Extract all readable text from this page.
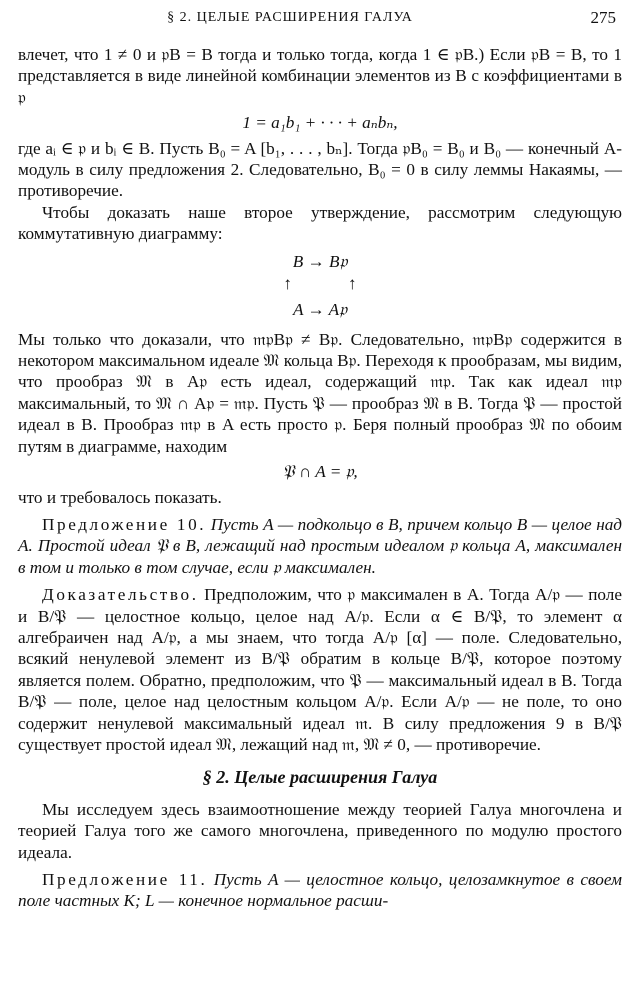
§ 2. ЦЕЛЫЕ РАСШИРЕНИЯ ГАЛУА	275

влечет, что 1 ≠ 0 и 𝔭B = B тогда и только тогда, когда 1 ∈ 𝔭B.) Если 𝔭B = B, то 1 представляется в виде линейной комбинации элементов из B с коэффициентами в 𝔭

1 = a₁b₁ + · · · + aₙbₙ,

где aᵢ ∈ 𝔭 и bᵢ ∈ B. Пусть B₀ = A [b₁, . . . , bₙ]. Тогда 𝔭B₀ = B₀ и B₀ — конечный A-модуль в силу предложения 2. Следовательно, B₀ = 0 в силу леммы Накаямы, — противоречие.

Чтобы доказать наше второе утверждение, рассмотрим следующую коммутативную диаграмму:

B → B𝔭
↑	↑
A → A𝔭

Мы только что доказали, что 𝔪𝔭B𝔭 ≠ B𝔭. Следовательно, 𝔪𝔭B𝔭 содержится в некотором максимальном идеале 𝔐 кольца B𝔭. Переходя к прообразам, мы видим, что прообраз 𝔐 в A𝔭 есть идеал, содержащий 𝔪𝔭. Так как идеал 𝔪𝔭 максимальный, то 𝔐 ∩ A𝔭 = 𝔪𝔭. Пусть 𝔓 — прообраз 𝔐 в B. Тогда 𝔓 — простой идеал в B. Прообраз 𝔪𝔭 в A есть просто 𝔭. Беря полный прообраз 𝔐 по обоим путям в диаграмме, находим

𝔓 ∩ A = 𝔭,

что и требовалось показать.

Предложение 10. Пусть A — подкольцо в B, причем кольцо B — целое над A. Простой идеал 𝔓 в B, лежащий над простым идеалом 𝔭 кольца A, максимален в том и только в том случае, если 𝔭 максимален.

Доказательство. Предположим, что 𝔭 максимален в A. Тогда A/𝔭 — поле и B/𝔓 — целостное кольцо, целое над A/𝔭. Если α ∈ B/𝔓, то элемент α алгебраичен над A/𝔭, а мы знаем, что тогда A/𝔭 [α] — поле. Следовательно, всякий ненулевой элемент из B/𝔓 обратим в кольце B/𝔓, которое поэтому является полем. Обратно, предположим, что 𝔓 — максимальный идеал в B. Тогда B/𝔓 — поле, целое над целостным кольцом A/𝔭. Если A/𝔭 — не поле, то оно содержит ненулевой максимальный идеал 𝔪. В силу предложения 9 в B/𝔓 существует простой идеал 𝔐, лежащий над 𝔪, 𝔐 ≠ 0, — противоречие.

§ 2. Целые расширения Галуа

Мы исследуем здесь взаимоотношение между теорией Галуа многочлена и теорией Галуа того же самого многочлена, приведенного по модулю простого идеала.

Предложение 11. Пусть A — целостное кольцо, целозамкнутое в своем поле частных K; L — конечное нормальное расши-
